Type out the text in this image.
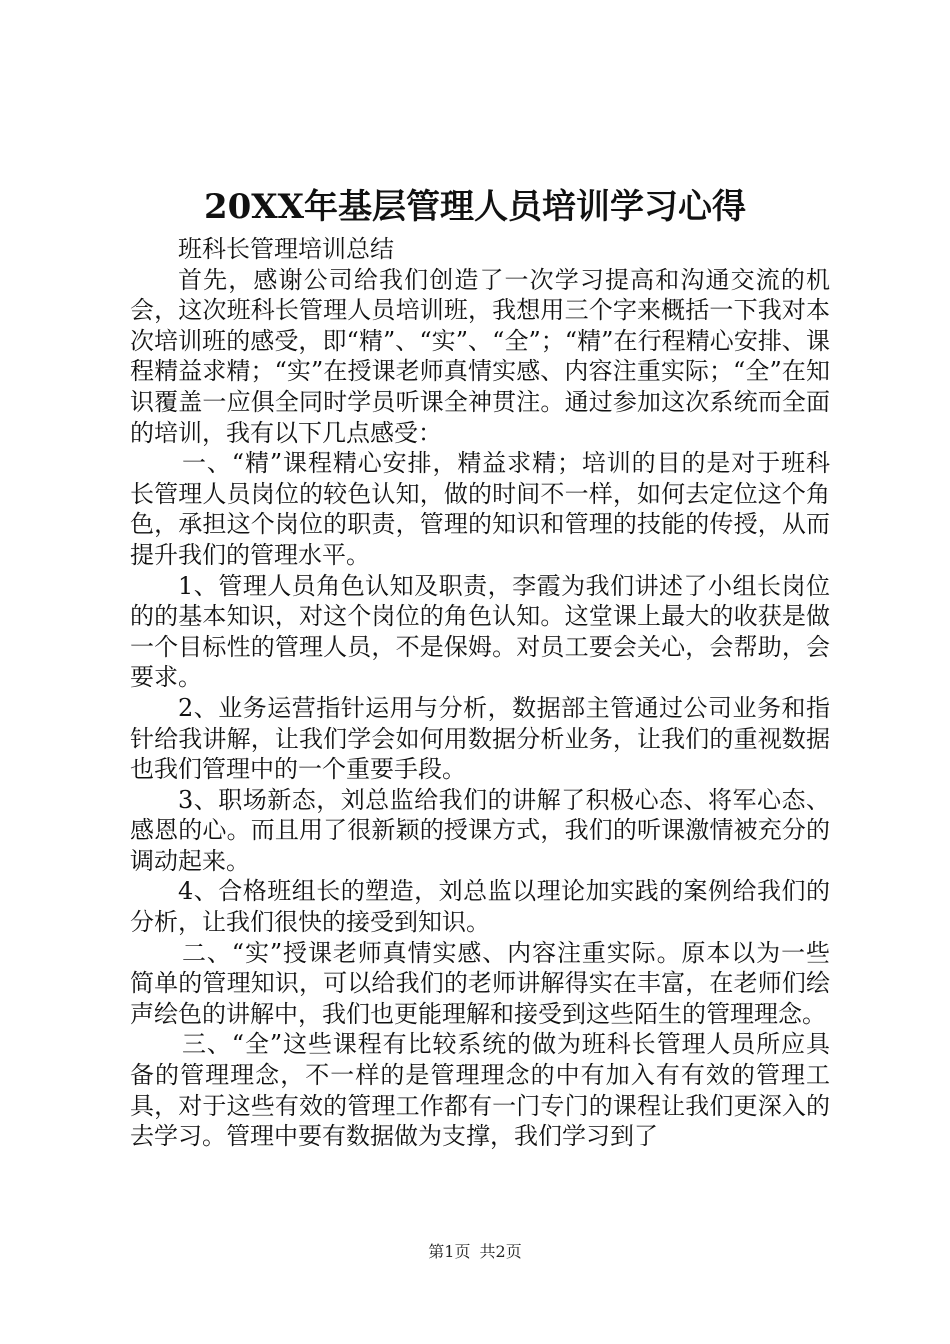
20XX年基层管理人员培训学习心得

班科长管理培训总结

首先，感谢公司给我们创造了一次学习提高和沟通交流的机会，这次班科长管理人员培训班，我想用三个字来概括一下我对本次培训班的感受，即“精”、“实”、“全”；“精”在行程精心安排、课程精益求精；“实”在授课老师真情实感、内容注重实际；“全”在知识覆盖一应俱全同时学员听课全神贯注。通过参加这次系统而全面的培训，我有以下几点感受：

一、“精”课程精心安排，精益求精；培训的目的是对于班科长管理人员岗位的较色认知，做的时间不一样，如何去定位这个角色，承担这个岗位的职责，管理的知识和管理的技能的传授，从而提升我们的管理水平。

1、管理人员角色认知及职责，李霞为我们讲述了小组长岗位的的基本知识，对这个岗位的角色认知。这堂课上最大的收获是做一个目标性的管理人员，不是保姆。对员工要会关心，会帮助，会要求。

2、业务运营指针运用与分析，数据部主管通过公司业务和指针给我讲解，让我们学会如何用数据分析业务，让我们的重视数据也我们管理中的一个重要手段。

3、职场新态，刘总监给我们的讲解了积极心态、将军心态、感恩的心。而且用了很新颖的授课方式，我们的听课激情被充分的调动起来。

4、合格班组长的塑造，刘总监以理论加实践的案例给我们的分析，让我们很快的接受到知识。

二、“实”授课老师真情实感、内容注重实际。原本以为一些简单的管理知识，可以给我们的老师讲解得实在丰富，在老师们绘声绘色的讲解中，我们也更能理解和接受到这些陌生的管理理念。

三、“全”这些课程有比较系统的做为班科长管理人员所应具备的管理理念，不一样的是管理理念的中有加入有有效的管理工具，对于这些有效的管理工作都有一门专门的课程让我们更深入的去学习。管理中要有数据做为支撑，我们学习到了

第1页 共2页
